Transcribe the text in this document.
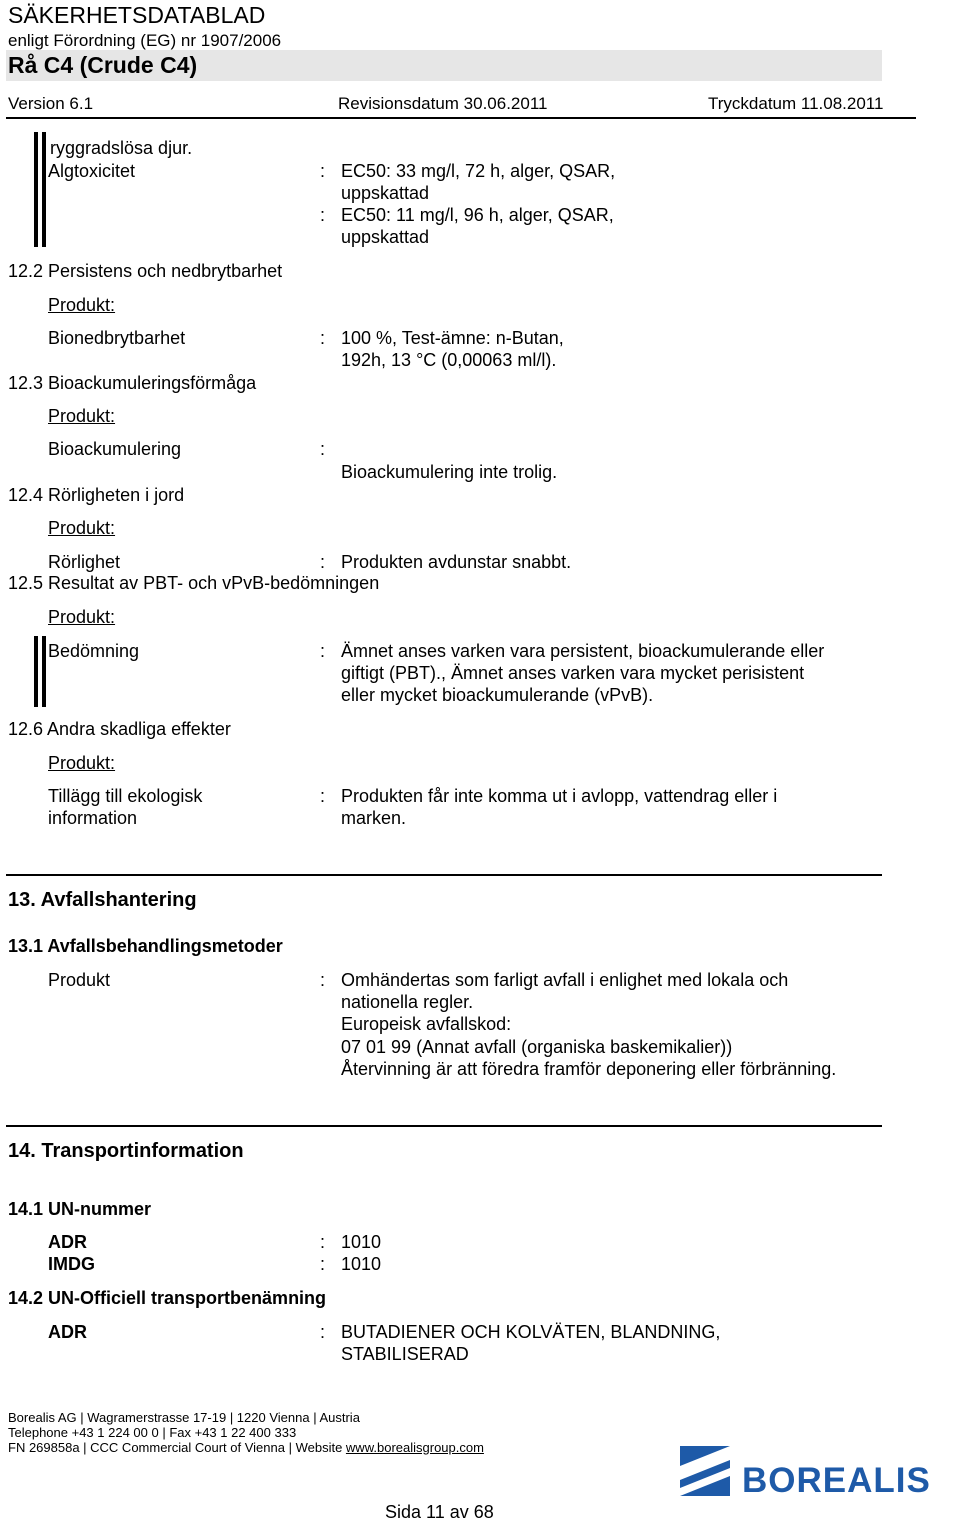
SÄKERHETSDATABLAD
enligt Förordning (EG) nr 1907/2006
Rå C4 (Crude C4)
Version 6.1	Revisionsdatum 30.06.2011	Tryckdatum 11.08.2011
ryggradslösa djur.
Algtoxicitet	: EC50: 33 mg/l, 72 h, alger, QSAR,
uppskattad
: EC50: 11 mg/l, 96 h, alger, QSAR,
uppskattad
12.2 Persistens och nedbrytbarhet
Produkt:
Bionedbrytbarhet	: 100 %, Test-ämne: n-Butan,
192h, 13 °C (0,00063 ml/l).
12.3 Bioackumuleringsförmåga
Produkt:
Bioackumulering	:
Bioackumulering inte trolig.
12.4 Rörligheten i jord
Produkt:
Rörlighet	: Produkten avdunstar snabbt.
12.5 Resultat av PBT- och vPvB-bedömningen
Produkt:
Bedömning	: Ämnet anses varken vara persistent, bioackumulerande eller
giftigt (PBT)., Ämnet anses varken vara mycket perisistent
eller mycket bioackumulerande (vPvB).
12.6 Andra skadliga effekter
Produkt:
Tillägg till ekologisk
information
: Produkten får inte komma ut i avlopp, vattendrag eller i
marken.
13. Avfallshantering
13.1 Avfallsbehandlingsmetoder
Produkt	: Omhändertas som farligt avfall i enlighet med lokala och
nationella regler.
Europeisk avfallskod:
07 01 99 (Annat avfall (organiska baskemikalier))
Återvinning är att föredra framför deponering eller förbränning.
14. Transportinformation
14.1 UN-nummer
ADR	: 1010
IMDG	: 1010
14.2 UN-Officiell transportbenämning
ADR	: BUTADIENER OCH KOLVÄTEN, BLANDNING,
STABILISERAD
Borealis AG | Wagramerstrasse 17-19 | 1220 Vienna | Austria
Telephone +43 1 224 00 0 | Fax +43 1 22 400 333
FN 269858a | CCC Commercial Court of Vienna | Website www.borealisgroup.com
BOREALIS
Sida 11 av 68
